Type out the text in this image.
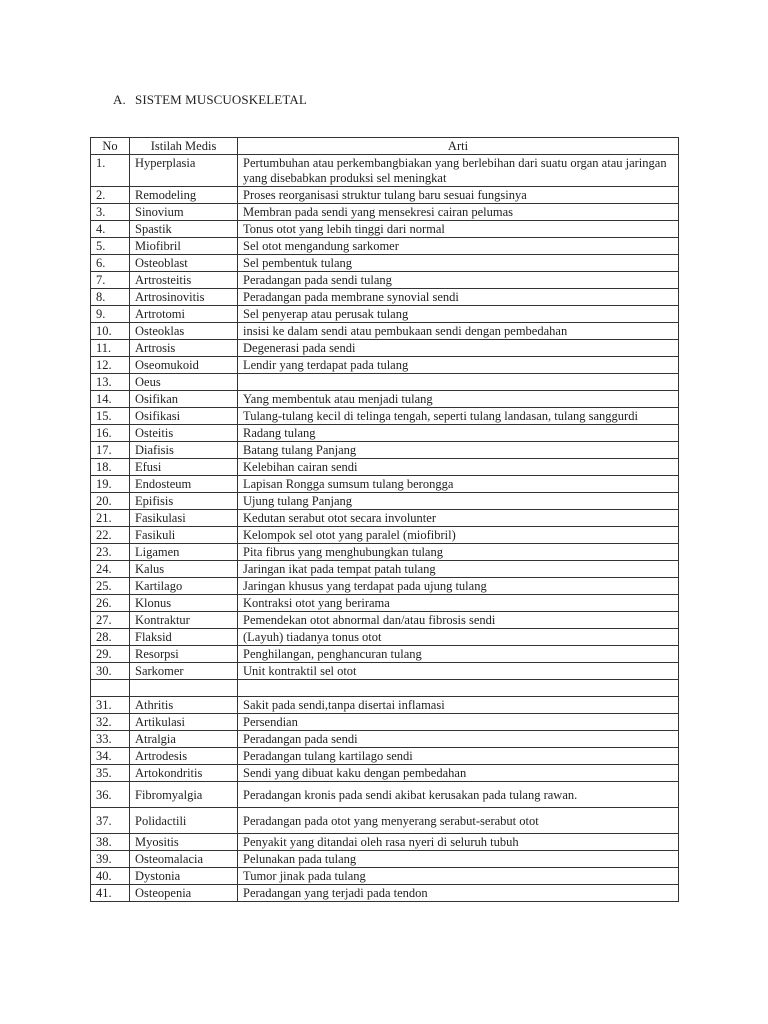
A. SISTEM MUSCUOSKELETAL
No	Istilah Medis	Arti
1.	Hyperplasia	Pertumbuhan atau perkembangbiakan yang berlebihan dari suatu organ atau jaringan yang disebabkan produksi sel meningkat
2.	Remodeling	Proses reorganisasi struktur tulang baru sesuai fungsinya
3.	Sinovium	Membran pada sendi yang mensekresi cairan pelumas
4.	Spastik	Tonus otot yang lebih tinggi dari normal
5.	Miofibril	Sel otot mengandung sarkomer
6.	Osteoblast	Sel pembentuk tulang
7.	Artrosteitis	Peradangan pada sendi tulang
8.	Artrosinovitis	Peradangan pada membrane synovial sendi
9.	Artrotomi	Sel penyerap atau perusak tulang
10.	Osteoklas	insisi ke dalam sendi atau pembukaan sendi dengan pembedahan
11.	Artrosis	Degenerasi pada sendi
12.	Oseomukoid	Lendir yang terdapat pada tulang
13.	Oeus	
14.	Osifikan	Yang membentuk atau menjadi tulang
15.	Osifikasi	Tulang-tulang kecil di telinga tengah, seperti tulang landasan, tulang sanggurdi
16.	Osteitis	Radang tulang
17.	Diafisis	Batang tulang Panjang
18.	Efusi	Kelebihan cairan sendi
19.	Endosteum	Lapisan Rongga sumsum tulang berongga
20.	Epifisis	Ujung tulang Panjang
21.	Fasikulasi	Kedutan serabut otot secara involunter
22.	Fasikuli	Kelompok sel otot yang paralel (miofibril)
23.	Ligamen	Pita fibrus yang menghubungkan tulang
24.	Kalus	Jaringan ikat pada tempat patah tulang
25.	Kartilago	Jaringan khusus yang terdapat pada ujung tulang
26.	Klonus	Kontraksi otot yang berirama
27.	Kontraktur	Pemendekan otot abnormal dan/atau fibrosis sendi
28.	Flaksid	(Layuh) tiadanya tonus otot
29.	Resorpsi	Penghilangan, penghancuran tulang
30.	Sarkomer	Unit kontraktil sel otot

31.	Athritis	Sakit pada sendi,tanpa disertai inflamasi
32.	Artikulasi	Persendian
33.	Atralgia	Peradangan pada sendi
34.	Artrodesis	Peradangan tulang kartilago sendi
35.	Artokondritis	Sendi yang dibuat kaku dengan pembedahan
36.	Fibromyalgia	Peradangan kronis pada sendi akibat kerusakan pada tulang rawan.
37.	Polidactili	Peradangan pada otot yang menyerang serabut-serabut otot
38.	Myositis	Penyakit yang ditandai oleh rasa nyeri di seluruh tubuh
39.	Osteomalacia	Pelunakan pada tulang
40.	Dystonia	Tumor jinak pada tulang
41.	Osteopenia	Peradangan yang terjadi pada tendon
